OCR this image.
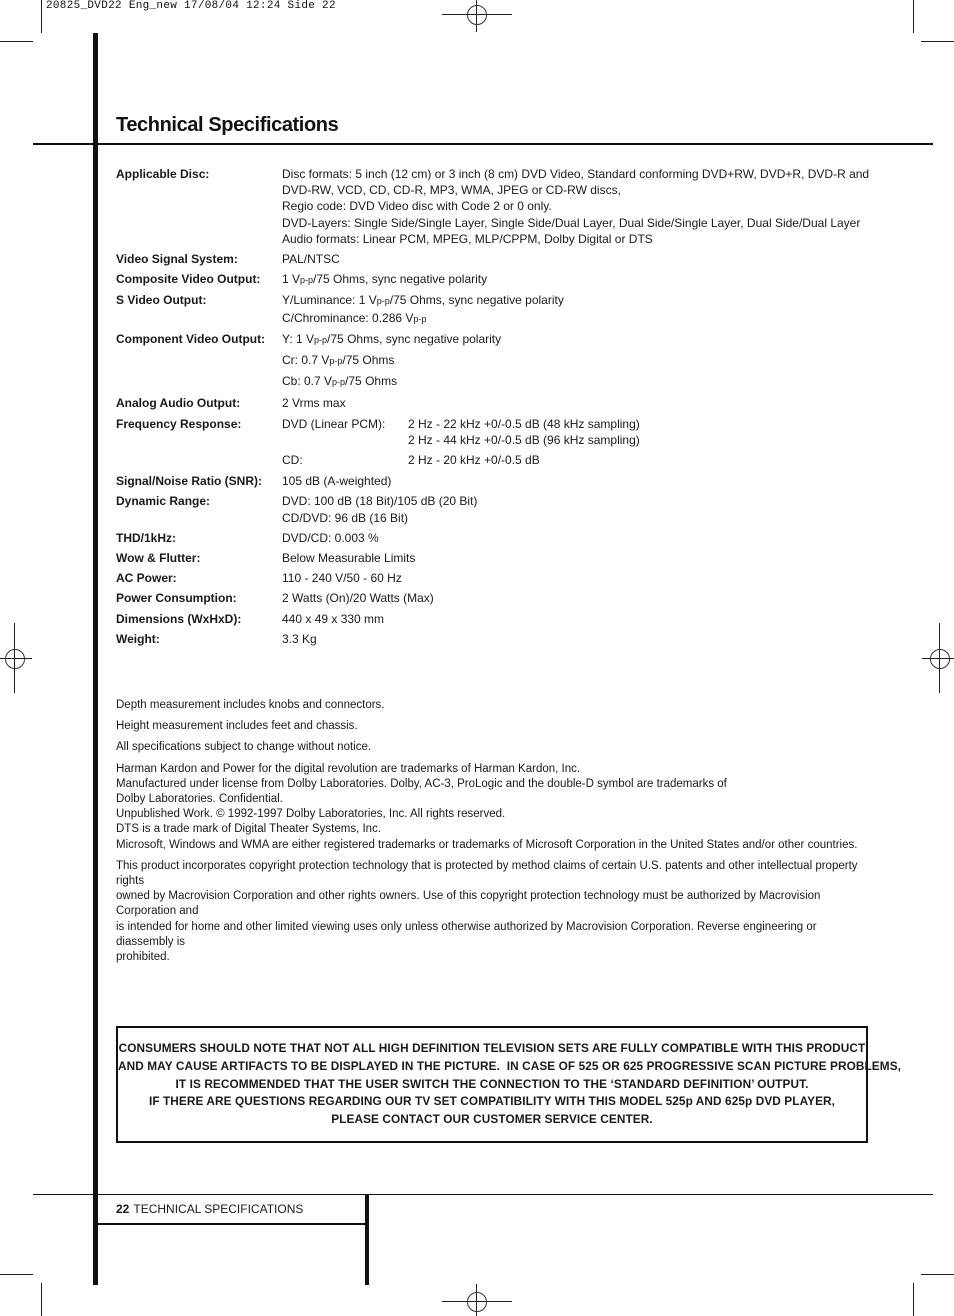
20825_DVD22 Eng_new 17/08/04 12:24 Side 22
Technical Specifications
Applicable Disc:	Disc formats: 5 inch (12 cm) or 3 inch (8 cm) DVD Video, Standard conforming DVD+RW, DVD+R, DVD-R and
DVD-RW, VCD, CD, CD-R, MP3, WMA, JPEG or CD-RW discs,
Regio code: DVD Video disc with Code 2 or 0 only.
DVD-Layers: Single Side/Single Layer, Single Side/Dual Layer, Dual Side/Single Layer, Dual Side/Dual Layer
Audio formats: Linear PCM, MPEG, MLP/CPPM, Dolby Digital or DTS
Video Signal System:	PAL/NTSC
Composite Video Output:	1 Vp-p/75 Ohms, sync negative polarity
S Video Output:	Y/Luminance: 1 Vp-p/75 Ohms, sync negative polarity
C/Chrominance: 0.286 Vp-p
Component Video Output:	Y: 1 Vp-p/75 Ohms, sync negative polarity
Cr: 0.7 Vp-p/75 Ohms
Cb: 0.7 Vp-p/75 Ohms
Analog Audio Output:	2 Vrms max
Frequency Response:	DVD (Linear PCM):	2 Hz - 22 kHz +0/-0.5 dB (48 kHz sampling)
2 Hz - 44 kHz +0/-0.5 dB (96 kHz sampling)
CD:	2 Hz - 20 kHz +0/-0.5 dB
Signal/Noise Ratio (SNR):	105 dB (A-weighted)
Dynamic Range:	DVD: 100 dB (18 Bit)/105 dB (20 Bit)
CD/DVD: 96 dB (16 Bit)
THD/1kHz:	DVD/CD: 0.003 %
Wow & Flutter:	Below Measurable Limits
AC Power:	110 - 240 V/50 - 60 Hz
Power Consumption:	2 Watts (On)/20 Watts (Max)
Dimensions (WxHxD):	440 x 49 x 330 mm
Weight:	3.3 Kg

Depth measurement includes knobs and connectors.

Height measurement includes feet and chassis.

All specifications subject to change without notice.

Harman Kardon and Power for the digital revolution are trademarks of Harman Kardon, Inc.
Manufactured under license from Dolby Laboratories. Dolby, AC-3, ProLogic and the double-D symbol are trademarks of
Dolby Laboratories. Confidential.
Unpublished Work. © 1992-1997 Dolby Laboratories, Inc. All rights reserved.
DTS is a trade mark of Digital Theater Systems, Inc.
Microsoft, Windows and WMA are either registered trademarks or trademarks of Microsoft Corporation in the United States and/or other countries.

This product incorporates copyright protection technology that is protected by method claims of certain U.S. patents and other intellectual property rights
owned by Macrovision Corporation and other rights owners. Use of this copyright protection technology must be authorized by Macrovision Corporation and
is intended for home and other limited viewing uses only unless otherwise authorized by Macrovision Corporation. Reverse engineering or diassembly is
prohibited.

CONSUMERS SHOULD NOTE THAT NOT ALL HIGH DEFINITION TELEVISION SETS ARE FULLY COMPATIBLE WITH THIS PRODUCT
AND MAY CAUSE ARTIFACTS TO BE DISPLAYED IN THE PICTURE.  IN CASE OF 525 OR 625 PROGRESSIVE SCAN PICTURE PROBLEMS,
IT IS RECOMMENDED THAT THE USER SWITCH THE CONNECTION TO THE ‘STANDARD DEFINITION’ OUTPUT.
IF THERE ARE QUESTIONS REGARDING OUR TV SET COMPATIBILITY WITH THIS MODEL 525p AND 625p DVD PLAYER,
PLEASE CONTACT OUR CUSTOMER SERVICE CENTER.
22 TECHNICAL SPECIFICATIONS
